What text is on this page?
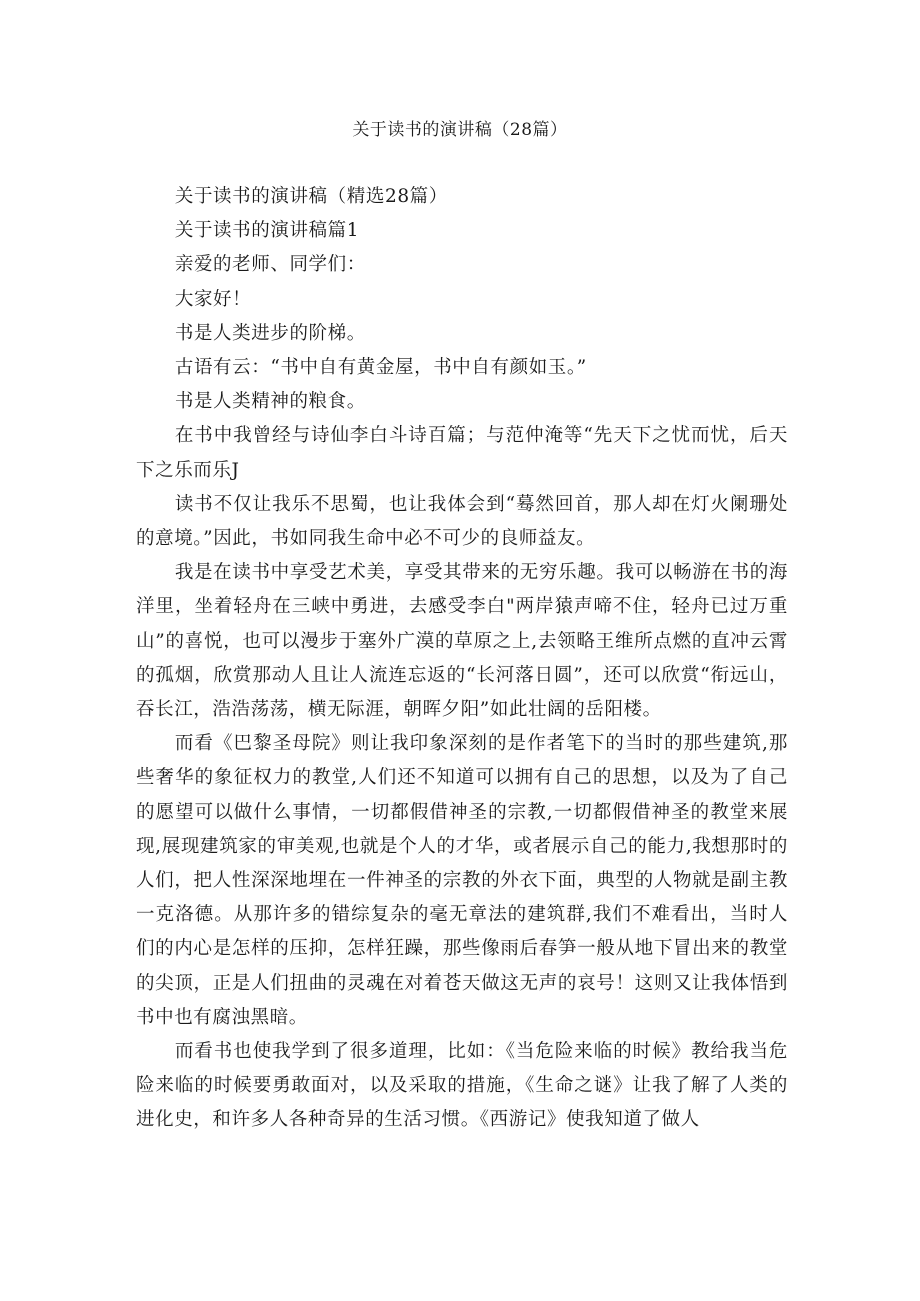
关于读书的演讲稿（28篇）

关于读书的演讲稿（精选28篇）

关于读书的演讲稿篇1

亲爱的老师、同学们：

大家好！

书是人类进步的阶梯。

古语有云：“书中自有黄金屋，书中自有颜如玉。”

书是人类精神的粮食。

在书中我曾经与诗仙李白斗诗百篇；与范仲淹等“先天下之忧而忧，后天下之乐而乐J

读书不仅让我乐不思蜀，也让我体会到“蓦然回首，那人却在灯火阑珊处的意境。”因此，书如同我生命中必不可少的良师益友。

我是在读书中享受艺术美，享受其带来的无穷乐趣。我可以畅游在书的海洋里，坐着轻舟在三峡中勇进，去感受李白"两岸猿声啼不住，轻舟已过万重山”的喜悦，也可以漫步于塞外广漠的草原之上,去领略王维所点燃的直冲云霄的孤烟，欣赏那动人且让人流连忘返的“长河落日圆”，还可以欣赏“衔远山，吞长江，浩浩荡荡，横无际涯，朝晖夕阳”如此壮阔的岳阳楼。

而看《巴黎圣母院》则让我印象深刻的是作者笔下的当时的那些建筑,那些奢华的象征权力的教堂,人们还不知道可以拥有自己的思想，以及为了自己的愿望可以做什么事情，一切都假借神圣的宗教,一切都假借神圣的教堂来展现,展现建筑家的审美观,也就是个人的才华，或者展示自己的能力,我想那时的人们，把人性深深地埋在一件神圣的宗教的外衣下面，典型的人物就是副主教一克洛德。从那许多的错综复杂的毫无章法的建筑群,我们不难看出，当时人们的内心是怎样的压抑，怎样狂躁，那些像雨后春笋一般从地下冒出来的教堂的尖顶，正是人们扭曲的灵魂在对着苍天做这无声的哀号！这则又让我体悟到书中也有腐浊黑暗。

而看书也使我学到了很多道理，比如：《当危险来临的时候》教给我当危险来临的时候要勇敢面对，以及采取的措施，《生命之谜》让我了解了人类的进化史，和许多人各种奇异的生活习惯。《西游记》使我知道了做人
